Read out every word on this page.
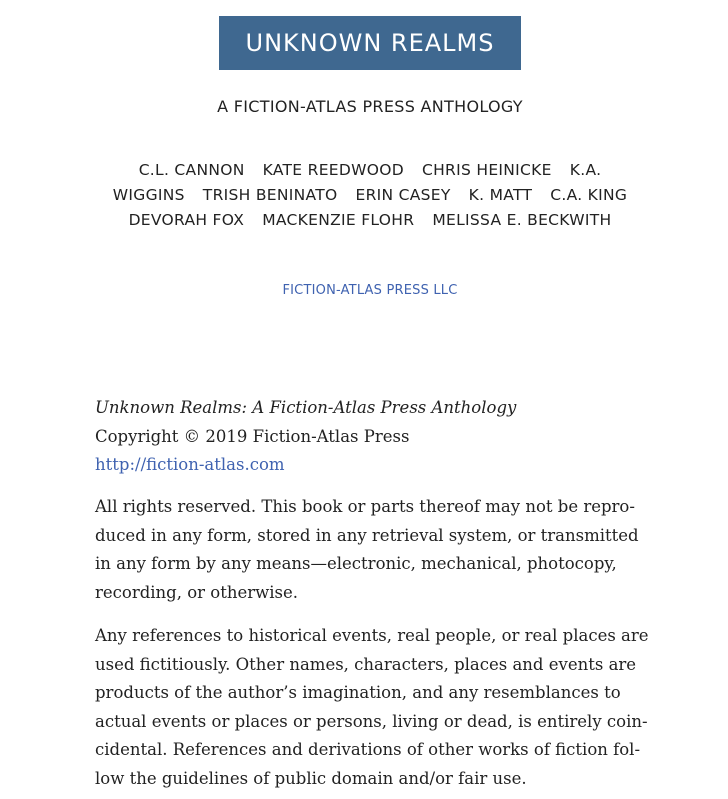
UNKNOWN REALMS
A FICTION-ATLAS PRESS ANTHOLOGY
C.L. CANNON KATE REEDWOOD CHRIS HEINICKE K.A.
WIGGINS TRISH BENINATO ERIN CASEY K. MATT C.A. KING
DEVORAH FOX MACKENZIE FLOHR MELISSA E. BECKWITH
FICTION-ATLAS PRESS LLC
Unknown Realms: A Fiction-Atlas Press Anthology
Copyright © 2019 Fiction-Atlas Press
http://fiction-atlas.com

All rights reserved. This book or parts thereof may not be repro-
duced in any form, stored in any retrieval system, or transmitted
in any form by any means—electronic, mechanical, photocopy,
recording, or otherwise.

Any references to historical events, real people, or real places are
used fictitiously. Other names, characters, places and events are
products of the author’s imagination, and any resemblances to
actual events or places or persons, living or dead, is entirely coin-
cidental. References and derivations of other works of fiction fol-
low the guidelines of public domain and/or fair use.
